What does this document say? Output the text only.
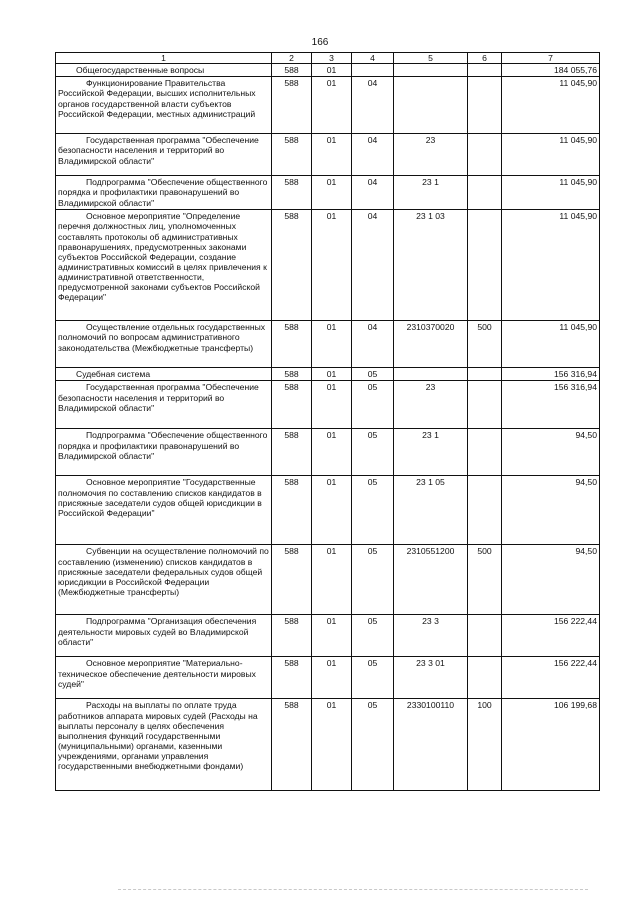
166
1	2	3	4	5	6	7
Общегосударственные вопросы	588	01				184 055,76
Функционирование Правительства Российской Федерации, высших исполнительных органов государственной власти субъектов Российской Федерации, местных администраций	588	01	04			11 045,90
Государственная программа "Обеспечение безопасности населения и территорий во Владимирской области"	588	01	04	23		11 045,90
Подпрограмма "Обеспечение общественного порядка и профилактики правонарушений во Владимирской области"	588	01	04	23 1		11 045,90
Основное мероприятие "Определение перечня должностных лиц, уполномоченных составлять протоколы об административных правонарушениях, предусмотренных законами субъектов Российской Федерации, создание административных комиссий в целях привлечения к административной ответственности, предусмотренной законами субъектов Российской Федерации"	588	01	04	23 1 03		11 045,90
Осуществление отдельных государственных полномочий по вопросам административного законодательства (Межбюджетные трансферты)	588	01	04	2310370020	500	11 045,90
Судебная система	588	01	05			156 316,94
Государственная программа "Обеспечение безопасности населения и территорий во Владимирской области"	588	01	05	23		156 316,94
Подпрограмма "Обеспечение общественного порядка и профилактики правонарушений во Владимирской области"	588	01	05	23 1		94,50
Основное мероприятие "Государственные полномочия по составлению списков кандидатов в присяжные заседатели судов общей юрисдикции в Российской Федерации"	588	01	05	23 1 05		94,50
Субвенции на осуществление полномочий по составлению (изменению) списков кандидатов в присяжные заседатели федеральных судов общей юрисдикции в Российской Федерации (Межбюджетные трансферты)	588	01	05	2310551200	500	94,50
Подпрограмма "Организация обеспечения деятельности мировых судей во Владимирской области"	588	01	05	23 3		156 222,44
Основное мероприятие "Материально-техническое обеспечение деятельности мировых судей"	588	01	05	23 3 01		156 222,44
Расходы на выплаты по оплате труда работников аппарата мировых судей (Расходы на выплаты персоналу в целях обеспечения выполнения функций государственными (муниципальными) органами, казенными учреждениями, органами управления государственными внебюджетными фондами)	588	01	05	2330100110	100	106 199,68
